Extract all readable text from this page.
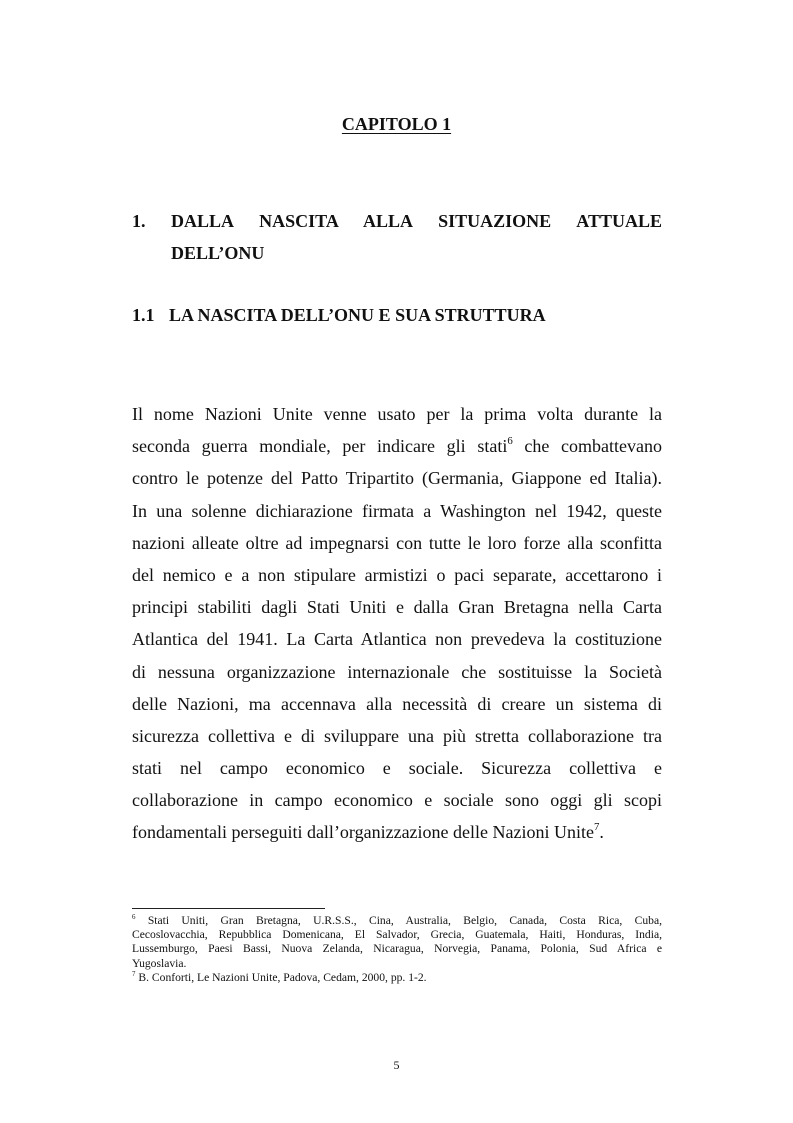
CAPITOLO 1
1. DALLA NASCITA ALLA SITUAZIONE ATTUALE
DELL’ONU
1.1 LA NASCITA DELL’ONU E SUA STRUTTURA
Il nome Nazioni Unite venne usato per la prima volta durante la
seconda guerra mondiale, per indicare gli stati$^6$ che combattevano
contro le potenze del Patto Tripartito (Germania, Giappone ed Italia).
In una solenne dichiarazione firmata a Washington nel 1942, queste
nazioni alleate oltre ad impegnarsi con tutte le loro forze alla sconfitta
del nemico e a non stipulare armistizi o paci separate, accettarono i
principi stabiliti dagli Stati Uniti e dalla Gran Bretagna nella Carta
Atlantica del 1941. La Carta Atlantica non prevedeva la costituzione
di nessuna organizzazione internazionale che sostituisse la Società
delle Nazioni, ma accennava alla necessità di creare un sistema di
sicurezza collettiva e di sviluppare una più stretta collaborazione tra
stati nel campo economico e sociale. Sicurezza collettiva e
collaborazione in campo economico e sociale sono oggi gli scopi
fondamentali perseguiti dall’organizzazione delle Nazioni Unite$^7$.
$^6$ Stati Uniti, Gran Bretagna, U.R.S.S., Cina, Australia, Belgio, Canada, Costa Rica, Cuba,
Cecoslovacchia, Repubblica Domenicana, El Salvador, Grecia, Guatemala, Haiti, Honduras, India,
Lussemburgo, Paesi Bassi, Nuova Zelanda, Nicaragua, Norvegia, Panama, Polonia, Sud Africa e
Yugoslavia.
$^7$ B. Conforti, Le Nazioni Unite, Padova, Cedam, 2000, pp. 1-2.
5
